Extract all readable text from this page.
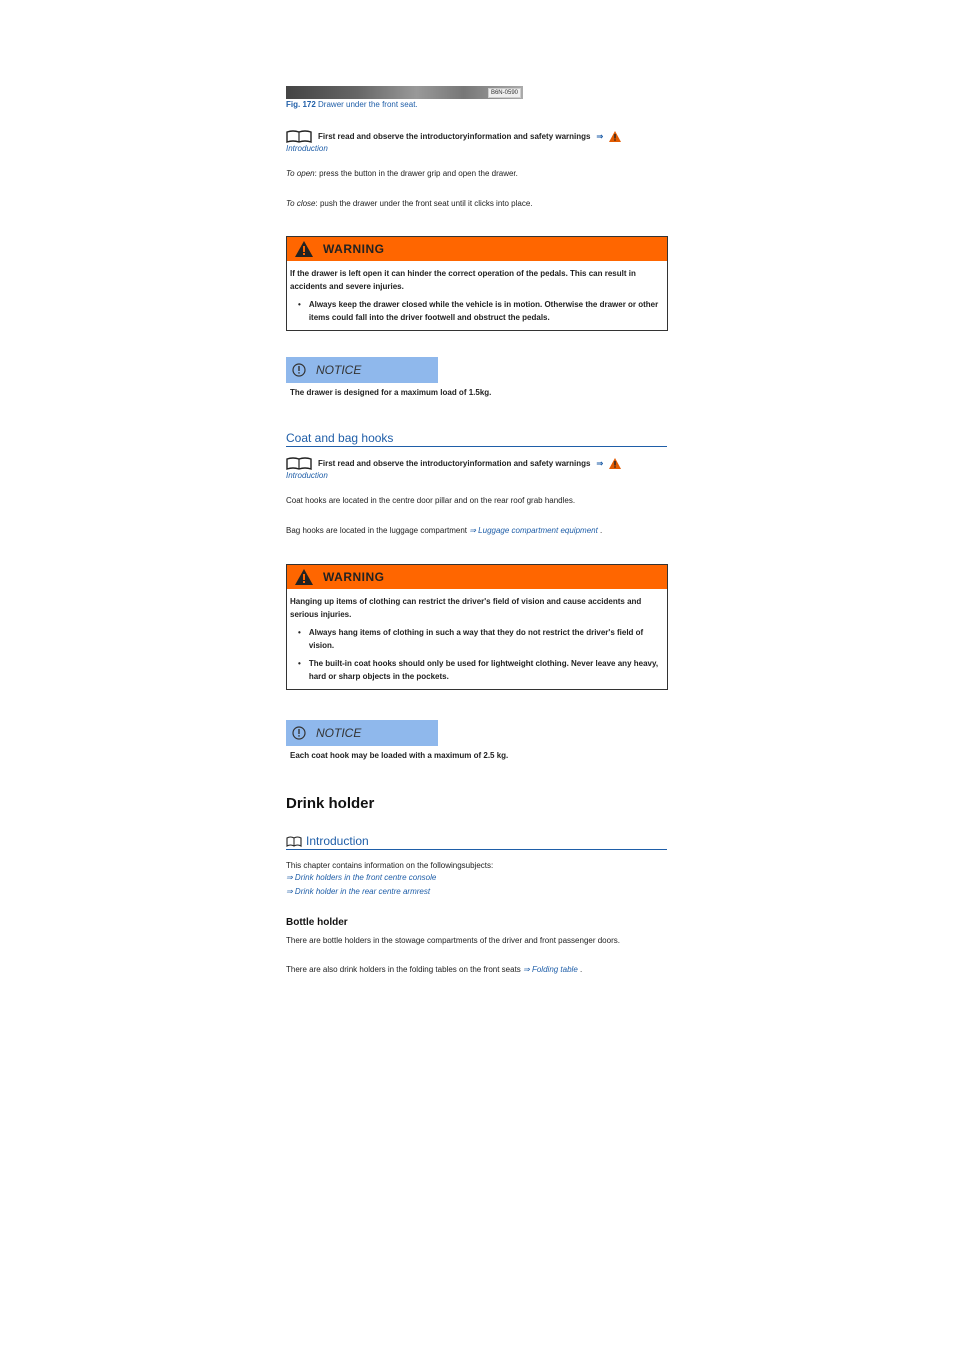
B6N-0590
Fig. 172 Drawer under the front seat.
First read and observe the introductoryinformation and safety warnings ⇒
Introduction
To open: press the button in the drawer grip and open the drawer.
To close: push the drawer under the front seat until it clicks into place.
WARNING
If the drawer is left open it can hinder the correct operation of the pedals. This can result in accidents and severe injuries.
• Always keep the drawer closed while the vehicle is in motion. Otherwise the drawer or other items could fall into the driver footwell and obstruct the pedals.
NOTICE
The drawer is designed for a maximum load of 1.5kg.
Coat and bag hooks
First read and observe the introductoryinformation and safety warnings ⇒
Introduction
Coat hooks are located in the centre door pillar and on the rear roof grab handles.
Bag hooks are located in the luggage compartment ⇒ Luggage compartment equipment .
WARNING
Hanging up items of clothing can restrict the driver's field of vision and cause accidents and serious injuries.
• Always hang items of clothing in such a way that they do not restrict the driver's field of vision.
• The built-in coat hooks should only be used for lightweight clothing. Never leave any heavy, hard or sharp objects in the pockets.
NOTICE
Each coat hook may be loaded with a maximum of 2.5 kg.
Drink holder
Introduction
This chapter contains information on the followingsubjects:
⇒ Drink holders in the front centre console
⇒ Drink holder in the rear centre armrest
Bottle holder
There are bottle holders in the stowage compartments of the driver and front passenger doors.
There are also drink holders in the folding tables on the front seats ⇒ Folding table .
